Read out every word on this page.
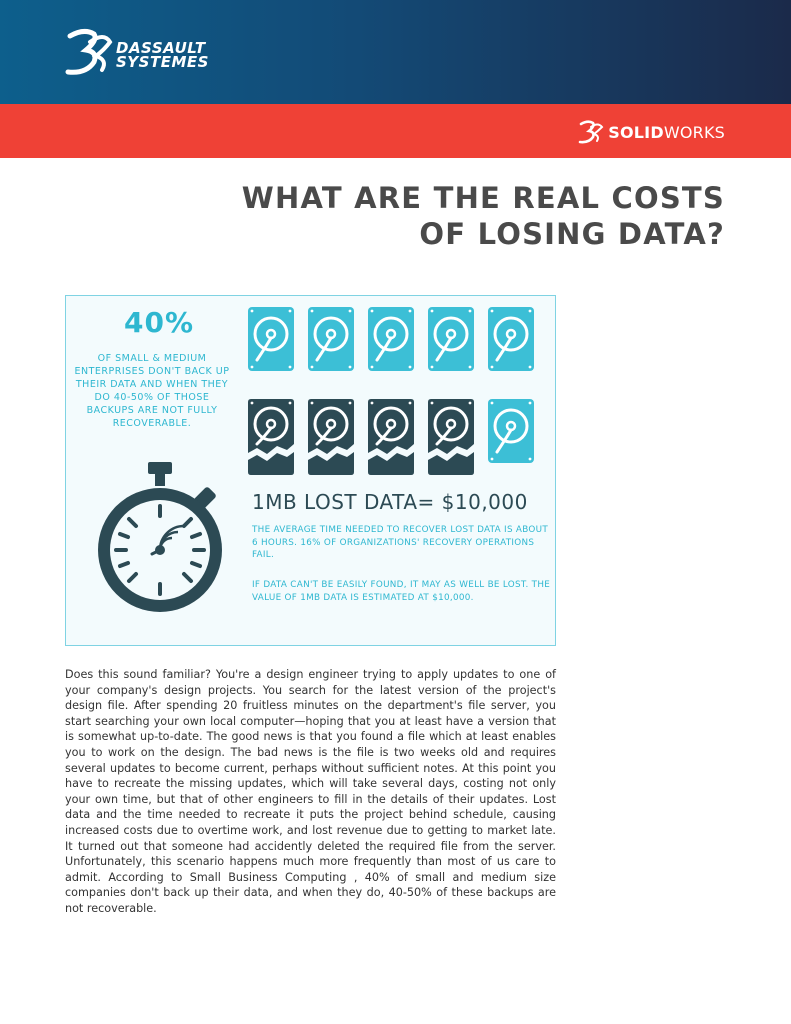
DASSAULT
SYSTEMES
SOLIDWORKS
WHAT ARE THE REAL COSTS
OF LOSING DATA?
40%
OF SMALL & MEDIUM ENTERPRISES DON'T BACK UP THEIR DATA AND WHEN THEY DO 40-50% OF THOSE BACKUPS ARE NOT FULLY RECOVERABLE.
1MB LOST DATA= $10,000
THE AVERAGE TIME NEEDED TO RECOVER LOST DATA IS ABOUT 6 HOURS. 16% OF ORGANIZATIONS' RECOVERY OPERATIONS FAIL.
IF DATA CAN'T BE EASILY FOUND, IT MAY AS WELL BE LOST. THE VALUE OF 1MB DATA IS ESTIMATED AT $10,000.
Does this sound familiar? You're a design engineer trying to apply updates to one of your company's design projects. You search for the latest version of the project's design file. After spending 20 fruitless minutes on the department's file server, you start searching your own local computer—hoping that you at least have a version that is somewhat up-to-date. The good news is that you found a file which at least enables you to work on the design. The bad news is the file is two weeks old and requires several updates to become current, perhaps without sufficient notes. At this point you have to recreate the missing updates, which will take several days, costing not only your own time, but that of other engineers to fill in the details of their updates. Lost data and the time needed to recreate it puts the project behind schedule, causing increased costs due to overtime work, and lost revenue due to getting to market late. It turned out that someone had accidently deleted the required file from the server. Unfortunately, this scenario happens much more frequently than most of us care to admit. According to Small Business Computing , 40% of small and medium size companies don't back up their data, and when they do, 40-50% of these backups are not recoverable.
